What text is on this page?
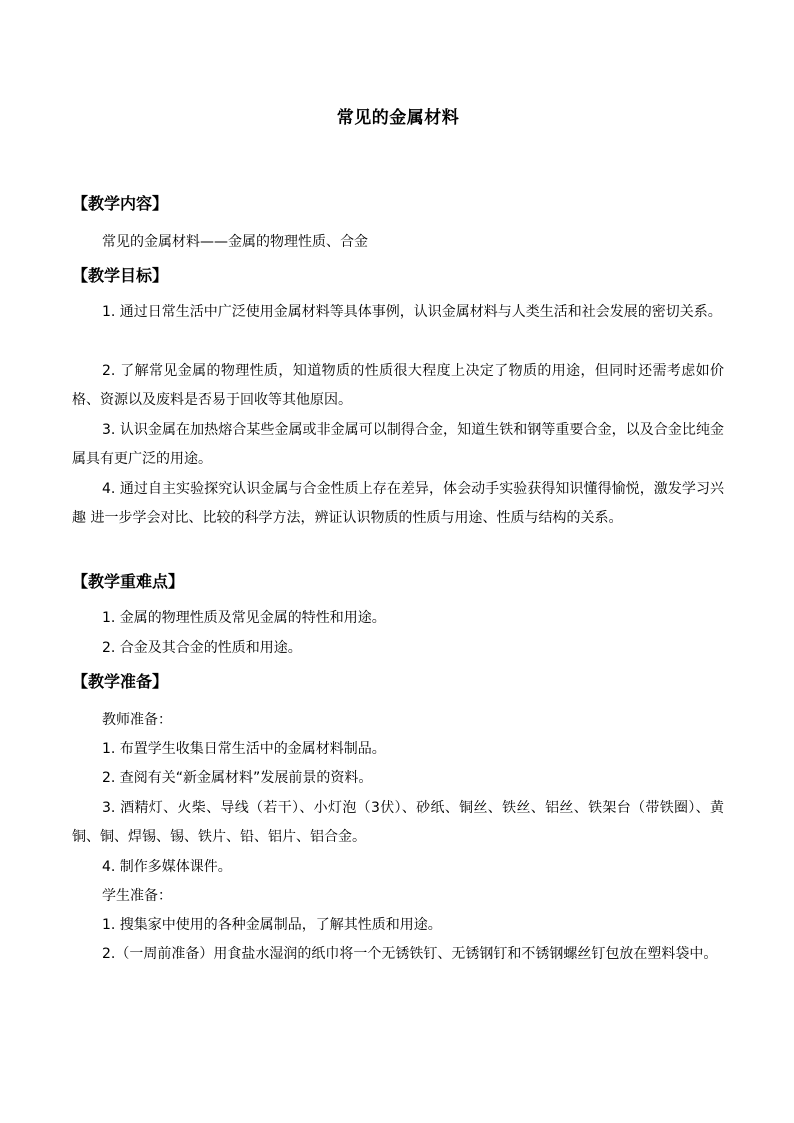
常见的金属材料
【教学内容】

常见的金属材料——金属的物理性质、合金

【教学目标】

1. 通过日常生活中广泛使用金属材料等具体事例，认识金属材料与人类生活和社会发展的密切关系。

2. 了解常见金属的物理性质，知道物质的性质很大程度上决定了物质的用途，但同时还需考虑如价格、资源以及废料是否易于回收等其他原因。

3. 认识金属在加热熔合某些金属或非金属可以制得合金，知道生铁和钢等重要合金，以及合金比纯金属具有更广泛的用途。

4. 通过自主实验探究认识金属与合金性质上存在差异，体会动手实验获得知识懂得愉悦，激发学习兴趣 进一步学会对比、比较的科学方法，辨证认识物质的性质与用途、性质与结构的关系。

【教学重难点】

1. 金属的物理性质及常见金属的特性和用途。

2. 合金及其合金的性质和用途。

【教学准备】

教师准备：

1. 布置学生收集日常生活中的金属材料制品。

2. 查阅有关“新金属材料”发展前景的资料。

3. 酒精灯、火柴、导线（若干）、小灯泡（3伏）、砂纸、铜丝、铁丝、铝丝、铁架台（带铁圈）、黄铜、铜、焊锡、锡、铁片、铅、铝片、铝合金。

4. 制作多媒体课件。

学生准备：

1. 搜集家中使用的各种金属制品，了解其性质和用途。

2.（一周前准备）用食盐水湿润的纸巾将一个无锈铁钉、无锈钢钉和不锈钢螺丝钉包放在塑料袋中。
